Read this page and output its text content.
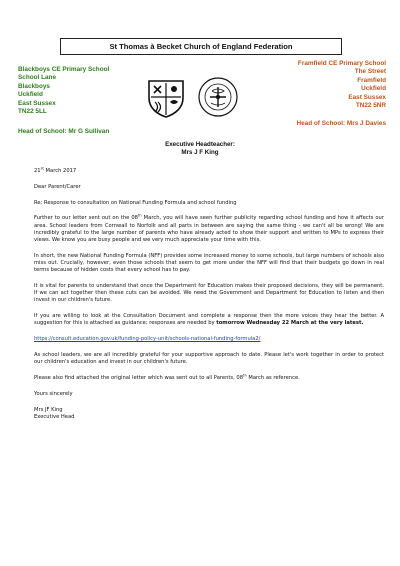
St Thomas à Becket Church of England Federation
Blackboys CE Primary School
School Lane
Blackboys
Uckfield
East Sussex
TN22 5LL
Head of School: Mr G Sullivan
Framfield CE Primary School
The Street
Framfield
Uckfield
East Sussex
TN22 5NR
Head of School: Mrs J Davies
Executive Headteacher:
Mrs J F King

21st March 2017

Dear Parent/Carer

Re; Response to consultation on National Funding Formula and school funding

Further to our letter sent out on the 08th March, you will have seen further publicity regarding school funding and how it affects our area. School leaders from Cornwall to Norfolk and all parts in between are saying the same thing - we can't all be wrong! We are incredibly grateful to the large number of parents who have already acted to show their support and written to MPs to express their views. We know you are busy people and we very much appreciate your time with this.

In short, the new National Funding Formula (NFF) provides some increased money to some schools, but large numbers of schools also miss out. Crucially, however, even those schools that seem to get more under the NFF will find that their budgets go down in real terms because of hidden costs that every school has to pay.

It is vital for parents to understand that once the Department for Education makes their proposed decisions, they will be permanent. If we can act together then these cuts can be avoided. We need the Government and Department for Education to listen and then invest in our children's future.

If you are willing to look at the Consultation Document and complete a response then the more voices they hear the better. A suggestion for this is attached as guidance; responses are needed by tomorrow Wednesday 22 March at the very latest.

https://consult.education.gov.uk/funding-policy-unit/schools-national-funding-formula2/

As school leaders, we are all incredibly grateful for your supportive approach to date. Please let's work together in order to protect our children's education and invest in our children's future.

Please also find attached the original letter which was sent out to all Parents, 08th March as reference.

Yours sincerely

Mrs JF King
Executive Head
